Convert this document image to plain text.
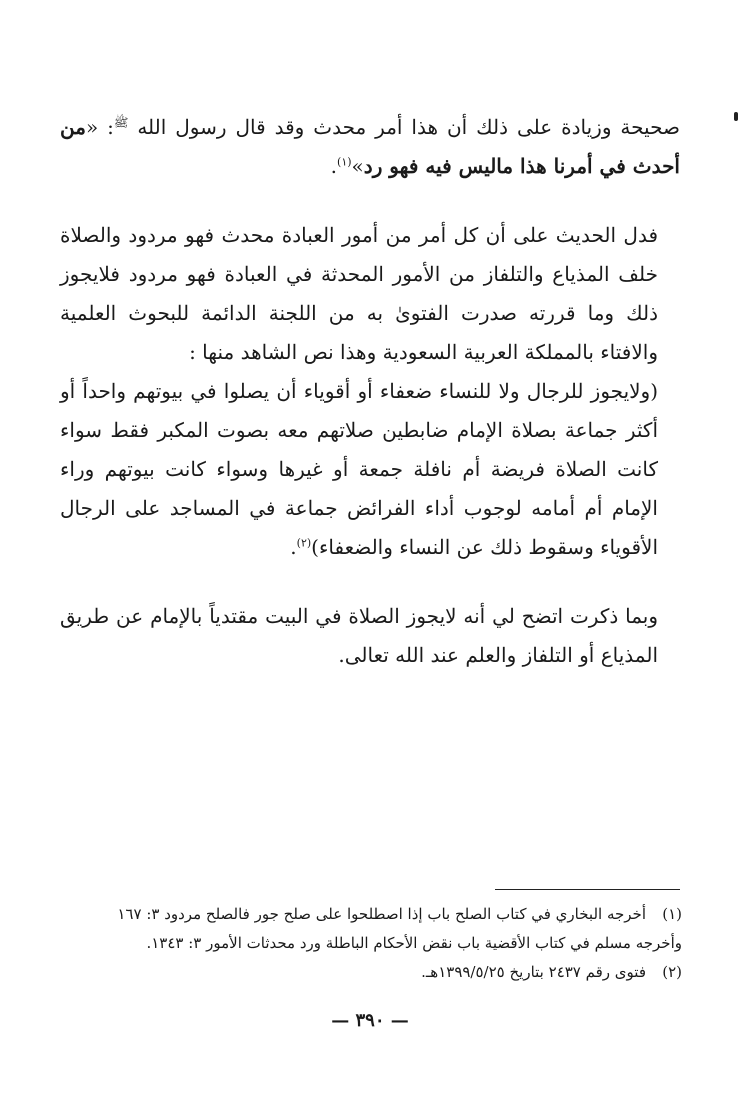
صحيحة وزيادة على ذلك أن هذا أمر محدث وقد قال رسول الله $^ﷺ$: «من أحدث في أمرنا هذا ماليس فيه فهو رد»$^{(١)}$.

فدل الحديث على أن كل أمر من أمور العبادة محدث فهو مردود والصلاة خلف المذياع والتلفاز من الأمور المحدثة في العبادة فهو مردود فلايجوز ذلك وما قررته صدرت الفتوىٰ به من اللجنة الدائمة للبحوث العلمية والافتاء بالمملكة العربية السعودية وهذا نص الشاهد منها :

(ولايجوز للرجال ولا للنساء ضعفاء أو أقوياء أن يصلوا في بيوتهم واحداً أو أكثر جماعة بصلاة الإمام ضابطين صلاتهم معه بصوت المكبر فقط سواء كانت الصلاة فريضة أم نافلة جمعة أو غيرها وسواء كانت بيوتهم وراء الإمام أم أمامه لوجوب أداء الفرائض جماعة في المساجد على الرجال الأقوياء وسقوط ذلك عن النساء والضعفاء)$^{(٢)}$.

وبما ذكرت اتضح لي أنه لايجوز الصلاة في البيت مقتدياً بالإمام عن طريق المذياع أو التلفاز والعلم عند الله تعالى.

(١)
أخرجه البخاري في كتاب الصلح باب إذا اصطلحوا على صلح جور فالصلح مردود ٣: ١٦٧
وأخرجه مسلم في كتاب الأقضية باب نقض الأحكام الباطلة ورد محدثات الأمور ٣: ١٣٤٣.
(٢)
فتوى رقم ٢٤٣٧ بتاريخ ١٣٩٩/٥/٢٥هـ.
— ٣٩٠ —
